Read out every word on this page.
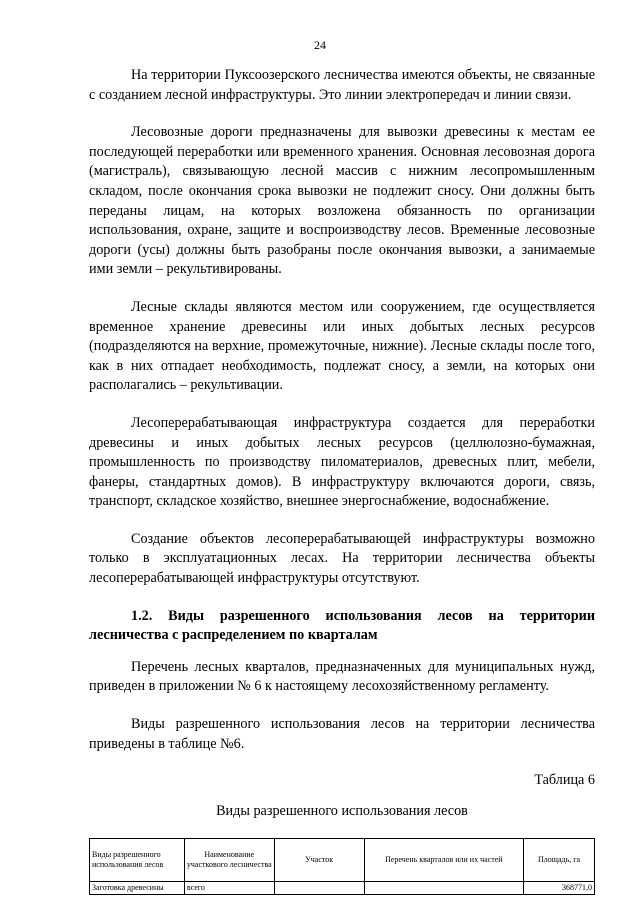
24

На территории Пуксоозерского лесничества имеются объекты, не связанные с созданием лесной инфраструктуры. Это линии электропередач и линии связи.

Лесовозные дороги предназначены для вывозки древесины к местам ее последующей переработки или временного хранения. Основная лесовозная дорога (магистраль), связывающую лесной массив с нижним лесопромышленным складом, после окончания срока вывозки не подлежит сносу. Они должны быть переданы лицам, на которых возложена обязанность по организации использования, охране, защите и воспроизводству лесов. Временные лесовозные дороги (усы) должны быть разобраны после окончания вывозки, а занимаемые ими земли – рекультивированы.

Лесные склады являются местом или сооружением, где осуществляется временное хранение древесины или иных добытых лесных ресурсов (подразделяются на верхние, промежуточные, нижние). Лесные склады после того, как в них отпадает необходимость, подлежат сносу, а земли, на которых они располагались – рекультивации.

Лесоперерабатывающая инфраструктура создается для переработки древесины и иных добытых лесных ресурсов (целлюлозно-бумажная, промышленность по производству пиломатериалов, древесных плит, мебели, фанеры, стандартных домов). В инфраструктуру включаются дороги, связь, транспорт, складское хозяйство, внешнее энергоснабжение, водоснабжение.

Создание объектов лесоперерабатывающей инфраструктуры возможно только в эксплуатационных лесах. На территории лесничества объекты лесоперерабатывающей инфраструктуры отсутствуют.

1.2. Виды разрешенного использования лесов на территории лесничества с распределением по кварталам

Перечень лесных кварталов, предназначенных для муниципальных нужд, приведен в приложении № 6 к настоящему лесохозяйственному регламенту.

Виды разрешенного использования лесов на территории лесничества приведены в таблице №6.

Таблица 6
Виды разрешенного использования лесов
Виды разрешенного использования лесов	Наименование участкового лесничества	Участок	Перечень кварталов или их частей	Площадь, га
Заготовка древесины	всего			368771,0
